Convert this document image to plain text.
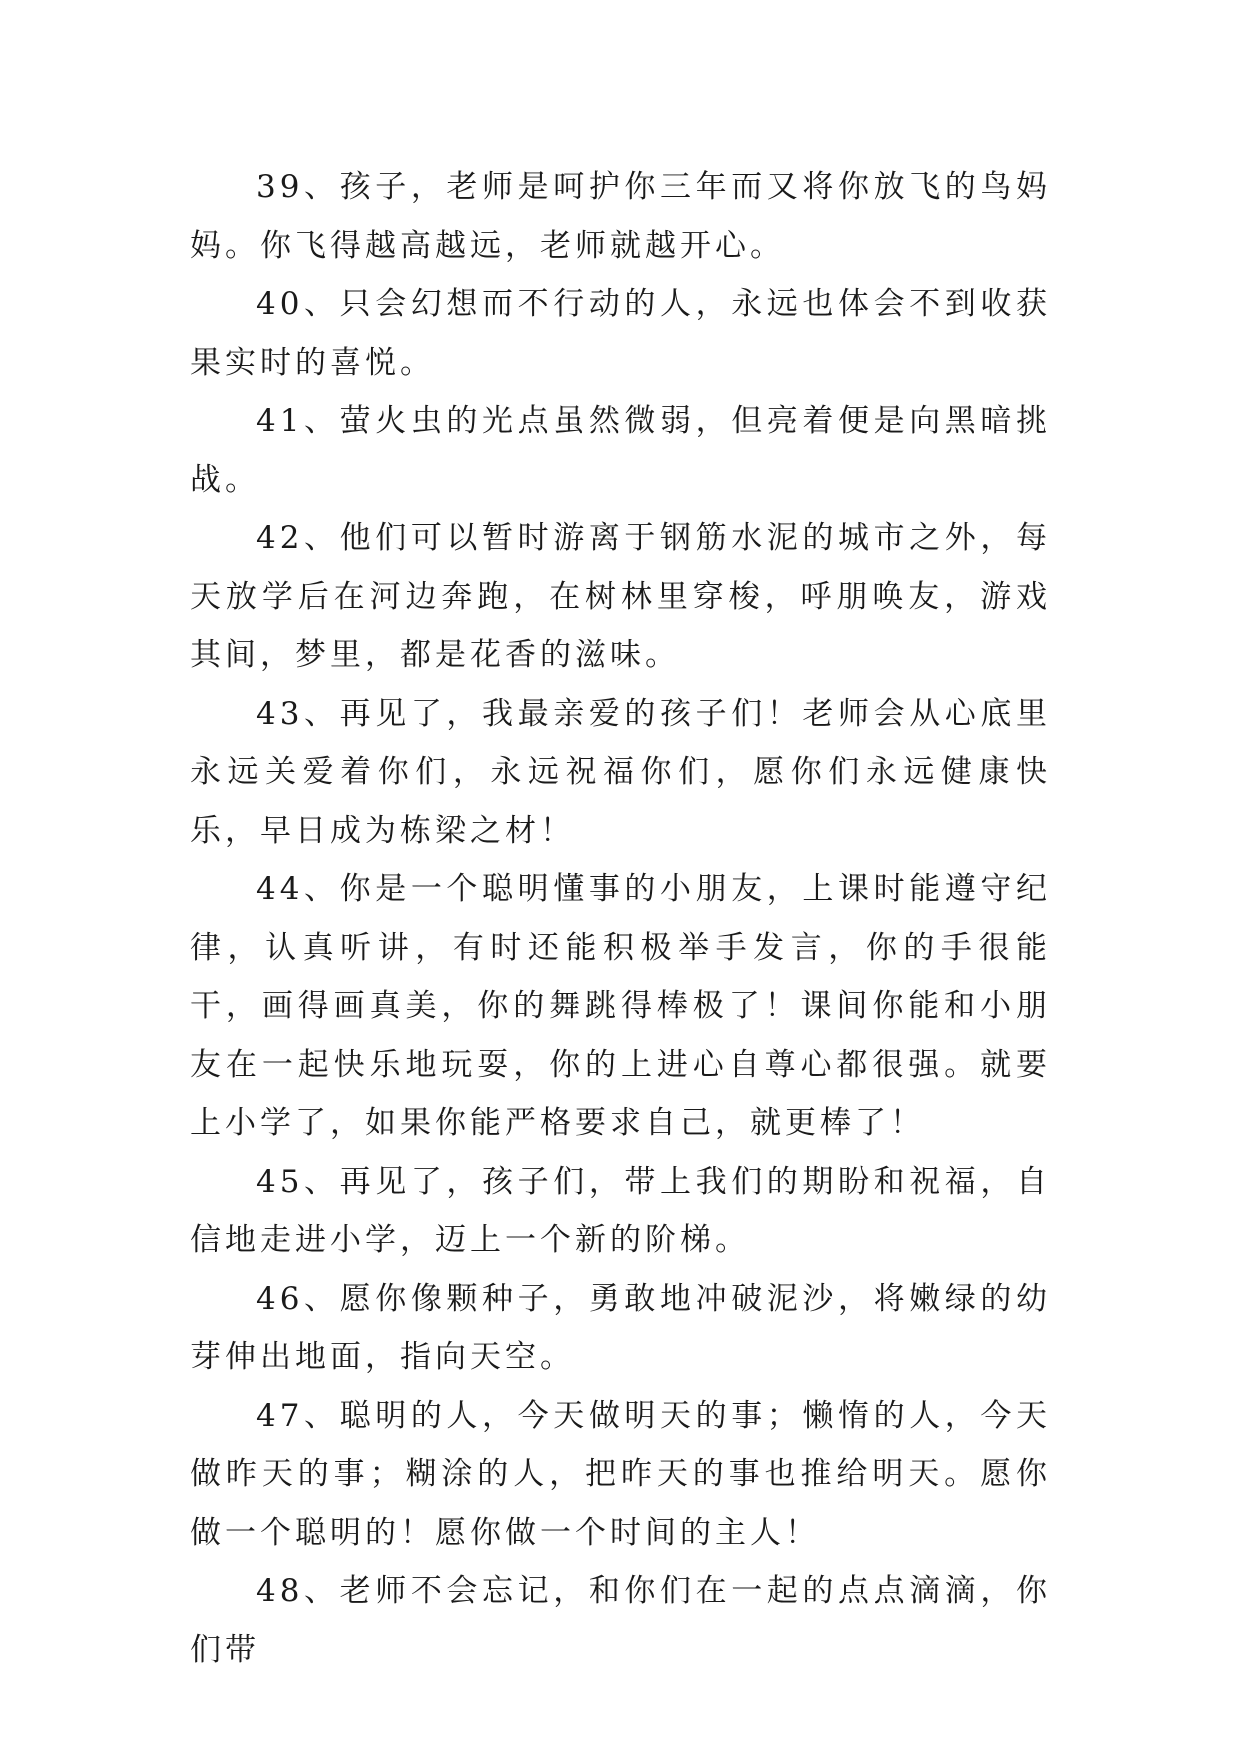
39、孩子，老师是呵护你三年而又将你放飞的鸟妈妈。你飞得越高越远，老师就越开心。

40、只会幻想而不行动的人，永远也体会不到收获果实时的喜悦。

41、萤火虫的光点虽然微弱，但亮着便是向黑暗挑战。

42、他们可以暂时游离于钢筋水泥的城市之外，每天放学后在河边奔跑，在树林里穿梭，呼朋唤友，游戏其间，梦里，都是花香的滋味。

43、再见了，我最亲爱的孩子们！老师会从心底里永远关爱着你们，永远祝福你们，愿你们永远健康快乐，早日成为栋梁之材！

44、你是一个聪明懂事的小朋友，上课时能遵守纪律，认真听讲，有时还能积极举手发言，你的手很能干，画得画真美，你的舞跳得棒极了！课间你能和小朋友在一起快乐地玩耍，你的上进心自尊心都很强。就要上小学了，如果你能严格要求自己，就更棒了！

45、再见了，孩子们，带上我们的期盼和祝福，自信地走进小学，迈上一个新的阶梯。

46、愿你像颗种子，勇敢地冲破泥沙，将嫩绿的幼芽伸出地面，指向天空。

47、聪明的人，今天做明天的事；懒惰的人，今天做昨天的事；糊涂的人，把昨天的事也推给明天。愿你做一个聪明的！愿你做一个时间的主人！

48、老师不会忘记，和你们在一起的点点滴滴，你们带
